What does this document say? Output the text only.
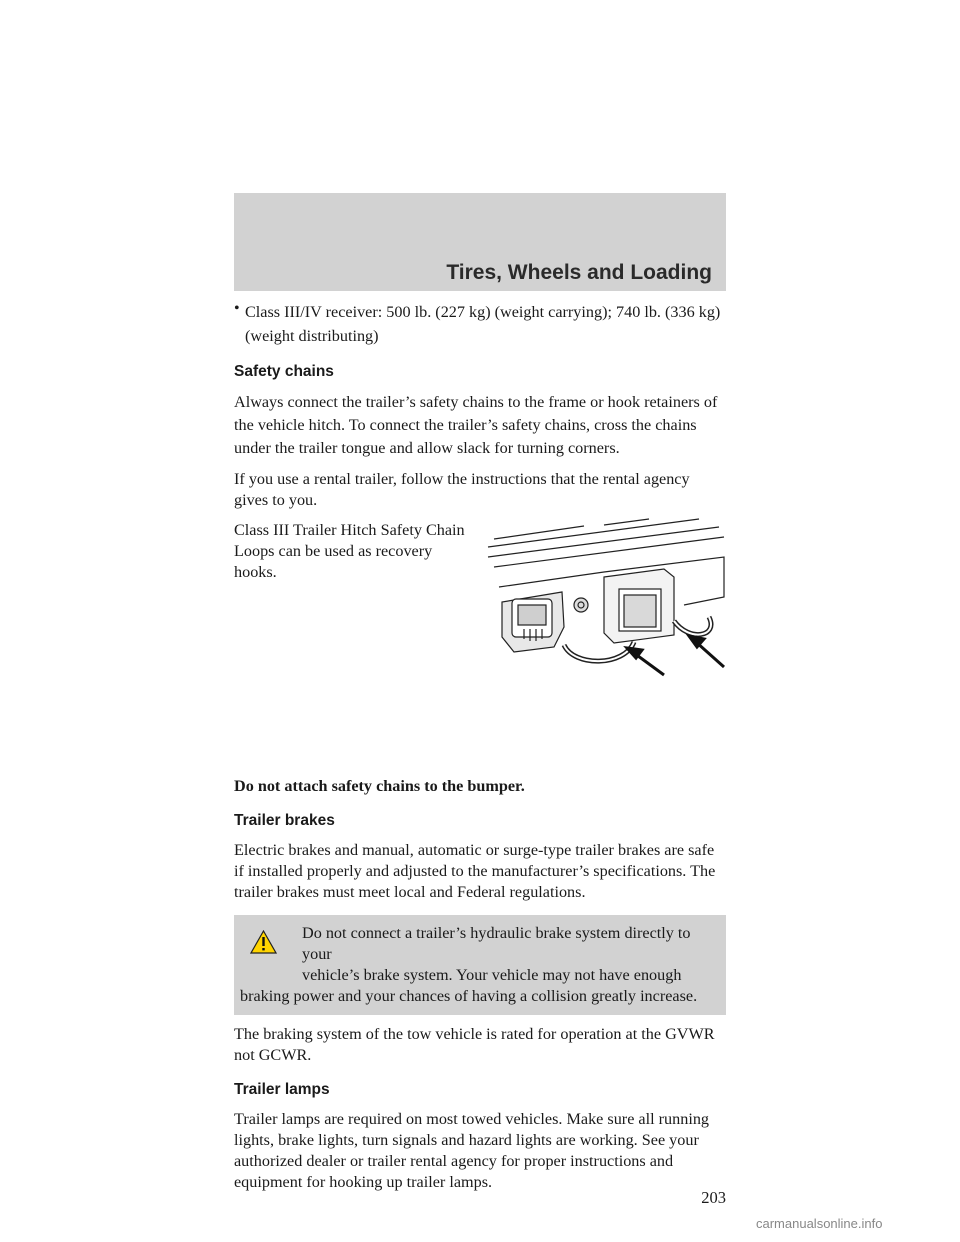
Tires, Wheels and Loading
• Class III/IV receiver: 500 lb. (227 kg) (weight carrying); 740 lb. (336 kg) (weight distributing)

Safety chains

Always connect the trailer’s safety chains to the frame or hook retainers of the vehicle hitch. To connect the trailer’s safety chains, cross the chains under the trailer tongue and allow slack for turning corners.

If you use a rental trailer, follow the instructions that the rental agency gives to you.

Class III Trailer Hitch Safety Chain Loops can be used as recovery hooks.

Do not attach safety chains to the bumper.

Trailer brakes

Electric brakes and manual, automatic or surge-type trailer brakes are safe if installed properly and adjusted to the manufacturer’s specifications. The trailer brakes must meet local and Federal regulations.

Do not connect a trailer’s hydraulic brake system directly to your

vehicle’s brake system. Your vehicle may not have enough

braking power and your chances of having a collision greatly increase.

The braking system of the tow vehicle is rated for operation at the GVWR not GCWR.

Trailer lamps

Trailer lamps are required on most towed vehicles. Make sure all running lights, brake lights, turn signals and hazard lights are working. See your authorized dealer or trailer rental agency for proper instructions and equipment for hooking up trailer lamps.

203
carmanualsonline.info
